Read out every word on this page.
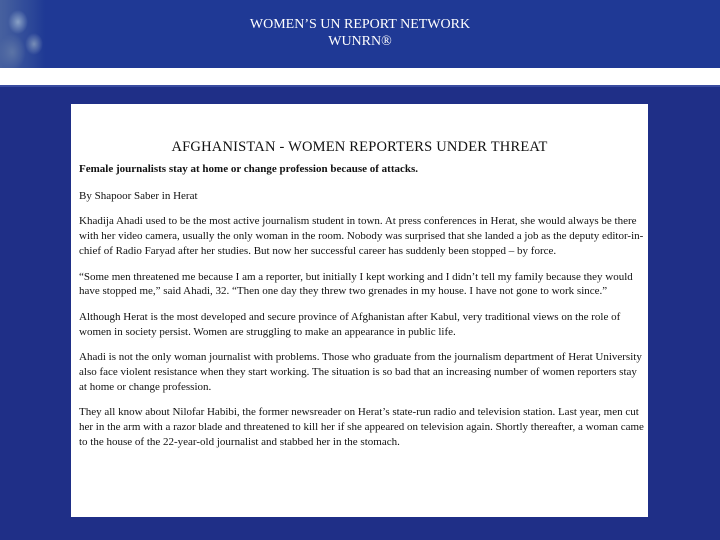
WOMEN’S UN REPORT NETWORK
WUNRN®
AFGHANISTAN - WOMEN REPORTERS UNDER THREAT

Female journalists stay at home or change profession because of attacks.

By Shapoor Saber in Herat

Khadija Ahadi used to be the most active journalism student in town. At press conferences in Herat, she would always be there with her video camera, usually the only woman in the room. Nobody was surprised that she landed a job as the deputy editor-in-chief of Radio Faryad after her studies. But now her successful career has suddenly been stopped – by force.

“Some men threatened me because I am a reporter, but initially I kept working and I didn’t tell my family because they would have stopped me,” said Ahadi, 32. “Then one day they threw two grenades in my house. I have not gone to work since.”

Although Herat is the most developed and secure province of Afghanistan after Kabul, very traditional views on the role of women in society persist. Women are struggling to make an appearance in public life.

Ahadi is not the only woman journalist with problems. Those who graduate from the journalism department of Herat University also face violent resistance when they start working. The situation is so bad that an increasing number of women reporters stay at home or change profession.

They all know about Nilofar Habibi, the former newsreader on Herat’s state-run radio and television station. Last year, men cut her in the arm with a razor blade and threatened to kill her if she appeared on television again. Shortly thereafter, a woman came to the house of the 22-year-old journalist and stabbed her in the stomach.
